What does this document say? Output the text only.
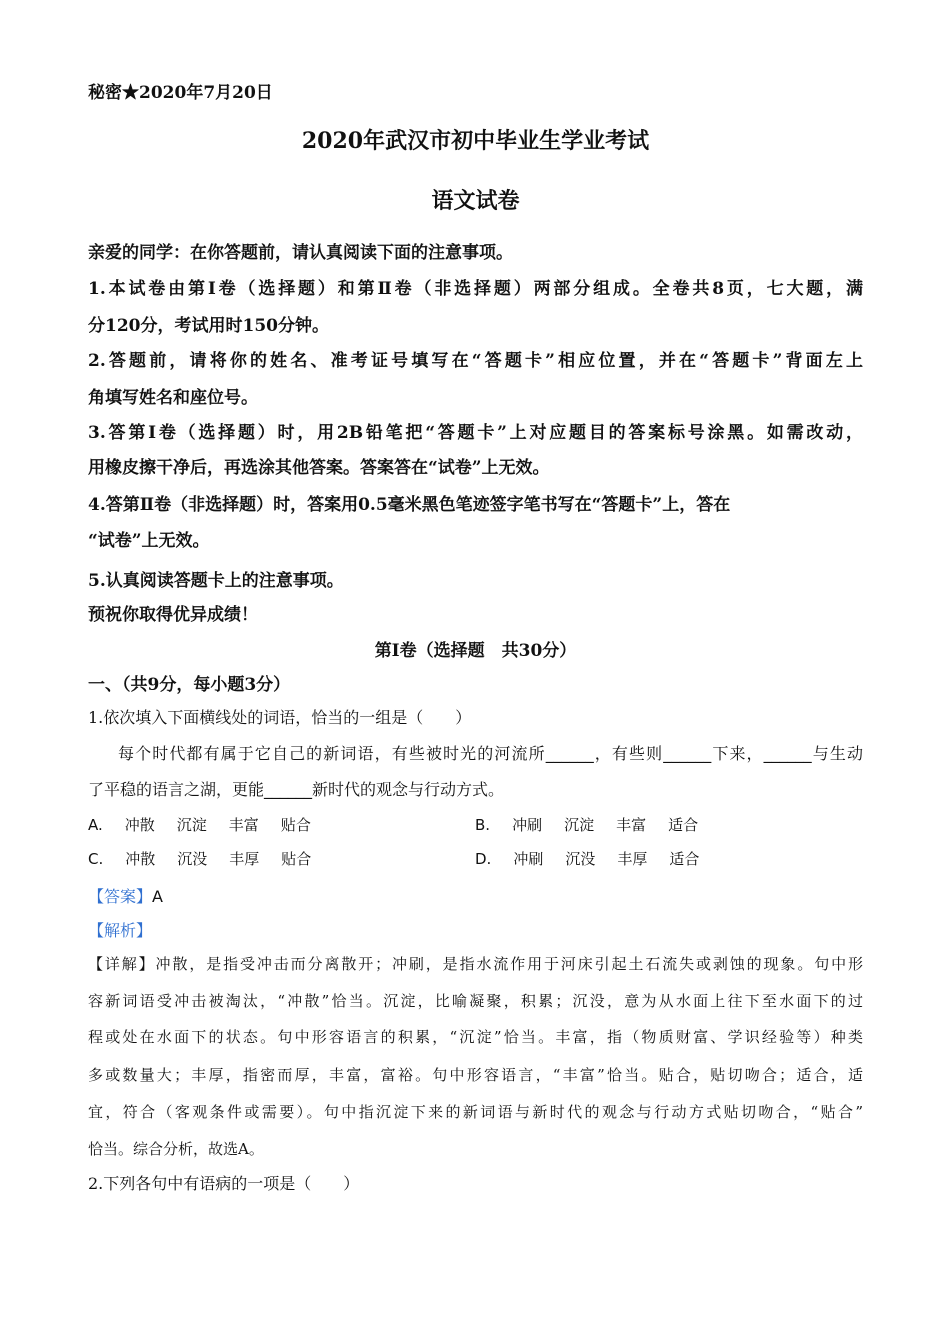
秘密★2020年7月20日
2020年武汉市初中毕业生学业考试
语文试卷
亲爱的同学：在你答题前，请认真阅读下面的注意事项。
1.本试卷由第Ⅰ卷（选择题）和第Ⅱ卷（非选择题）两部分组成。全卷共8页，七大题，满
分120分，考试用时150分钟。
2.答题前，请将你的姓名、准考证号填写在“答题卡”相应位置，并在“答题卡”背面左上
角填写姓名和座位号。
3.答第Ⅰ卷（选择题）时，用2B铅笔把“答题卡”上对应题目的答案标号涂黑。如需改动，
用橡皮擦干净后，再选涂其他答案。答案答在“试卷”上无效。
4.答第Ⅱ卷（非选择题）时，答案用0.5毫米黑色笔迹签字笔书写在“答题卡”上，答在
“试卷”上无效。
5.认真阅读答题卡上的注意事项。
预祝你取得优异成绩！
第Ⅰ卷（选择题　共30分）
一、（共9分，每小题3分）
1.依次填入下面横线处的词语，恰当的一组是（　　）
每个时代都有属于它自己的新词语，有些被时光的河流所______，有些则______下来，______与生动
了平稳的语言之湖，更能______新时代的观念与行动方式。
A. 冲散 沉淀 丰富 贴合	B. 冲刷 沉淀 丰富 适合
C. 冲散 沉没 丰厚 贴合	D. 冲刷 沉没 丰厚 适合
【答案】A
【解析】
【详解】冲散，是指受冲击而分离散开；冲刷，是指水流作用于河床引起土石流失或剥蚀的现象。句中形
容新词语受冲击被淘汰，“冲散”恰当。沉淀，比喻凝聚，积累；沉没，意为从水面上往下至水面下的过
程或处在水面下的状态。句中形容语言的积累，“沉淀”恰当。丰富，指（物质财富、学识经验等）种类
多或数量大；丰厚，指密而厚，丰富，富裕。句中形容语言，“丰富”恰当。贴合，贴切吻合；适合，适
宜，符合（客观条件或需要）。句中指沉淀下来的新词语与新时代的观念与行动方式贴切吻合，“贴合”
恰当。综合分析，故选A。
2.下列各句中有语病的一项是（　　）
